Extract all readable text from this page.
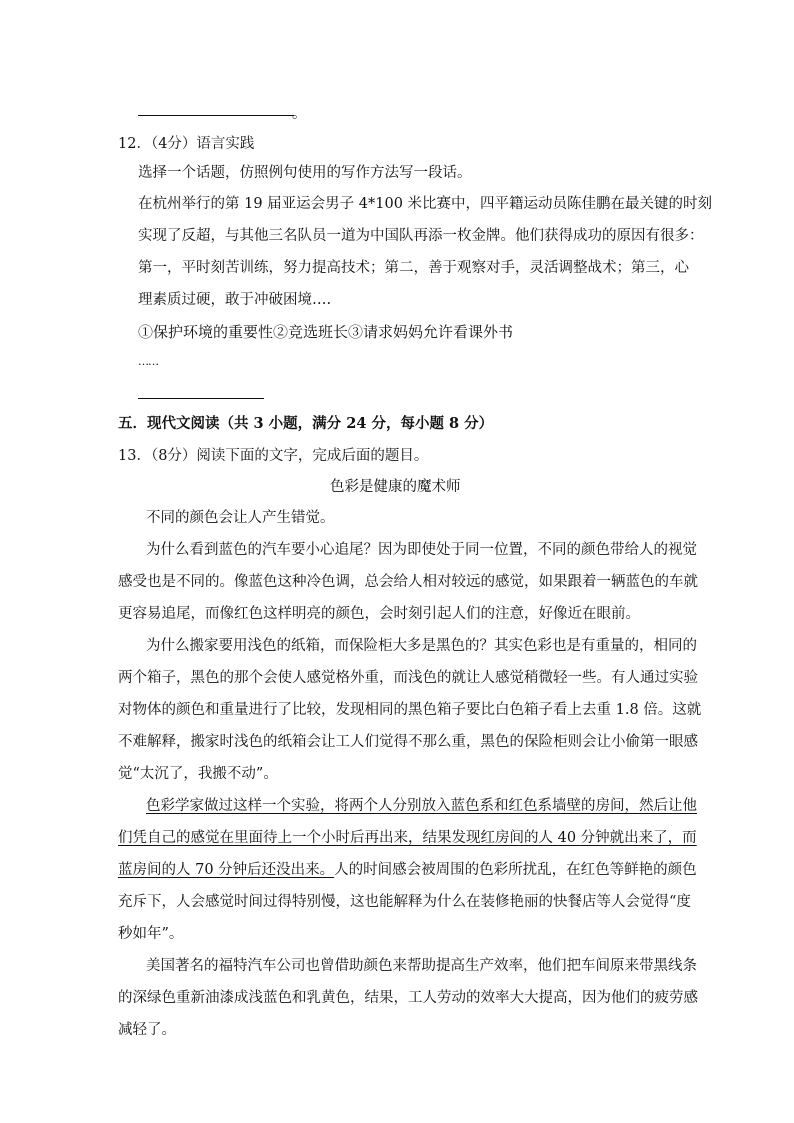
。
12．（4分）语言实践
选择一个话题，仿照例句使用的写作方法写一段话。
在杭州举行的第 19 届亚运会男子 4*100 米比赛中，四平籍运动员陈佳鹏在最关键的时刻
实现了反超，与其他三名队员一道为中国队再添一枚金牌。他们获得成功的原因有很多：
第一，平时刻苦训练，努力提高技术；第二，善于观察对手，灵活调整战术；第三，心
理素质过硬，敢于冲破困境….
①保护环境的重要性②竞选班长③请求妈妈允许看课外书
……
五．现代文阅读（共 3 小题，满分 24 分，每小题 8 分）
13．（8分）阅读下面的文字，完成后面的题目。
色彩是健康的魔术师
不同的颜色会让人产生错觉。
为什么看到蓝色的汽车要小心追尾？因为即使处于同一位置，不同的颜色带给人的视觉
感受也是不同的。像蓝色这种冷色调，总会给人相对较远的感觉，如果跟着一辆蓝色的车就
更容易追尾，而像红色这样明亮的颜色，会时刻引起人们的注意，好像近在眼前。
为什么搬家要用浅色的纸箱，而保险柜大多是黑色的？其实色彩也是有重量的，相同的
两个箱子，黑色的那个会使人感觉格外重，而浅色的就让人感觉稍微轻一些。有人通过实验
对物体的颜色和重量进行了比较，发现相同的黑色箱子要比白色箱子看上去重 1.8 倍。这就
不难解释，搬家时浅色的纸箱会让工人们觉得不那么重，黑色的保险柜则会让小偷第一眼感
觉“太沉了，我搬不动”。
色彩学家做过这样一个实验，将两个人分别放入蓝色系和红色系墙壁的房间，然后让他
们凭自己的感觉在里面待上一个小时后再出来，结果发现红房间的人 40 分钟就出来了，而
蓝房间的人 70 分钟后还没出来。人的时间感会被周围的色彩所扰乱，在红色等鲜艳的颜色
充斥下，人会感觉时间过得特别慢，这也能解释为什么在装修艳丽的快餐店等人会觉得“度
秒如年”。
美国著名的福特汽车公司也曾借助颜色来帮助提高生产效率，他们把车间原来带黑线条
的深绿色重新油漆成浅蓝色和乳黄色，结果，工人劳动的效率大大提高，因为他们的疲劳感
减轻了。
